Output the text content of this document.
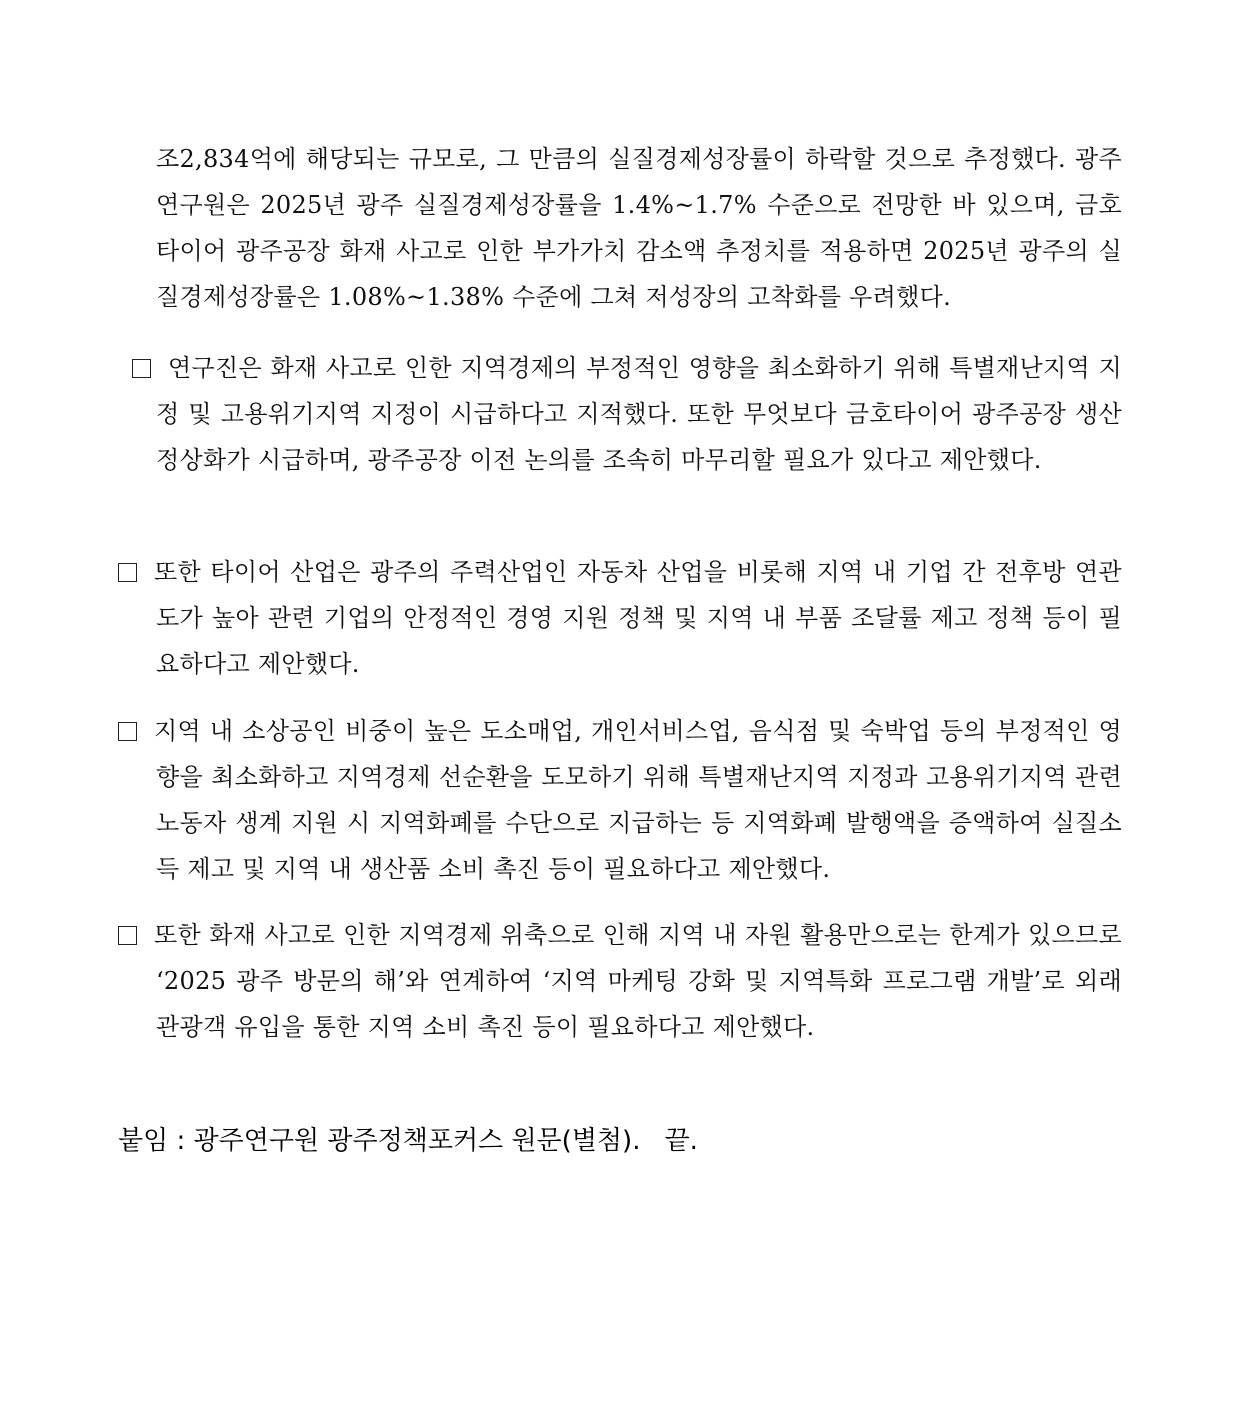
조2,834억에 해당되는 규모로, 그 만큼의 실질경제성장률이 하락할 것으로 추정했다. 광주연구원은 2025년 광주 실질경제성장률을 1.4%~1.7% 수준으로 전망한 바 있으며, 금호타이어 광주공장 화재 사고로 인한 부가가치 감소액 추정치를 적용하면 2025년 광주의 실질경제성장률은 1.08%~1.38% 수준에 그쳐 저성장의 고착화를 우려했다.

연구진은 화재 사고로 인한 지역경제의 부정적인 영향을 최소화하기 위해 특별재난지역 지정 및 고용위기지역 지정이 시급하다고 지적했다. 또한 무엇보다 금호타이어 광주공장 생산 정상화가 시급하며, 광주공장 이전 논의를 조속히 마무리할 필요가 있다고 제안했다.

또한 타이어 산업은 광주의 주력산업인 자동차 산업을 비롯해 지역 내 기업 간 전후방 연관도가 높아 관련 기업의 안정적인 경영 지원 정책 및 지역 내 부품 조달률 제고 정책 등이 필요하다고 제안했다.

지역 내 소상공인 비중이 높은 도소매업, 개인서비스업, 음식점 및 숙박업 등의 부정적인 영향을 최소화하고 지역경제 선순환을 도모하기 위해 특별재난지역 지정과 고용위기지역 관련 노동자 생계 지원 시 지역화폐를 수단으로 지급하는 등 지역화폐 발행액을 증액하여 실질소득 제고 및 지역 내 생산품 소비 촉진 등이 필요하다고 제안했다.

또한 화재 사고로 인한 지역경제 위축으로 인해 지역 내 자원 활용만으로는 한계가 있으므로 ‘2025 광주 방문의 해’와 연계하여 ‘지역 마케팅 강화 및 지역특화 프로그램 개발’로 외래 관광객 유입을 통한 지역 소비 촉진 등이 필요하다고 제안했다.

붙임 : 광주연구원 광주정책포커스 원문(별첨). 끝.
